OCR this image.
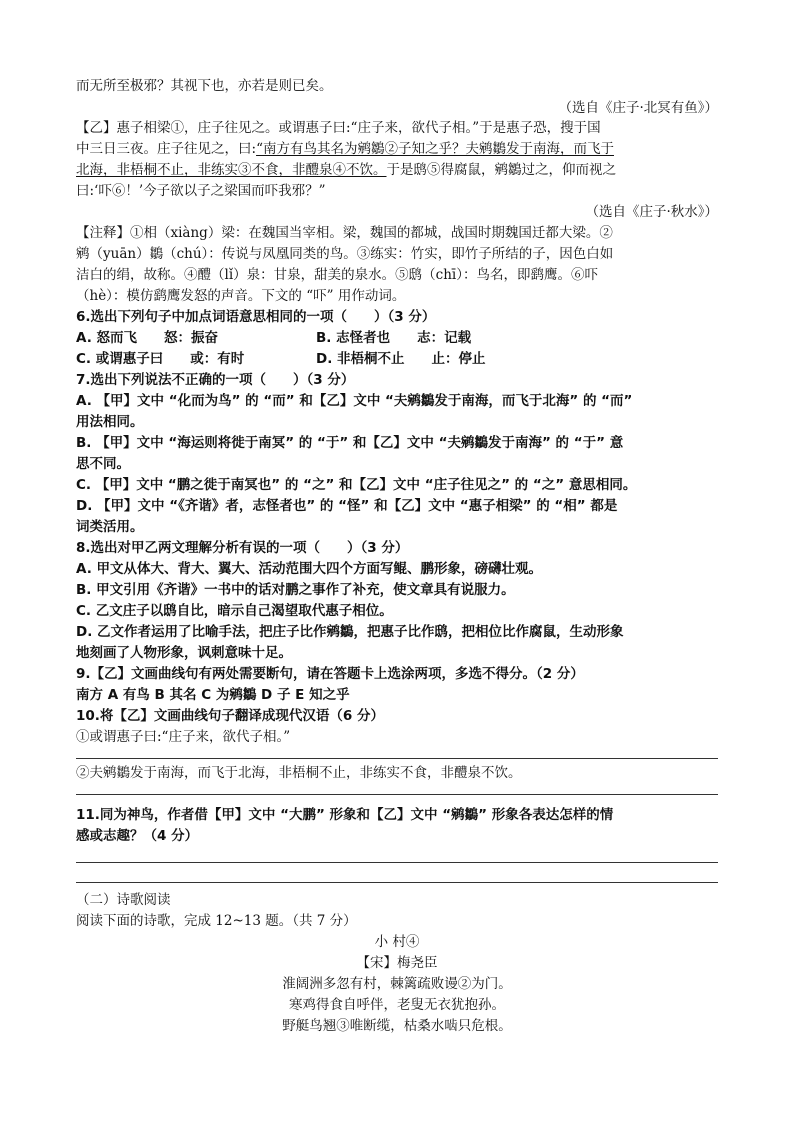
而无所至极邪？其视下也，亦若是则已矣。
（选自《庄子·北冥有鱼》）
【乙】惠子相梁①，庄子往见之。或谓惠子曰:“庄子来，欲代子相。”于是惠子恐，搜于国
中三日三夜。庄子往见之，曰:“南方有鸟其名为鹓鶵②子知之乎？夫鹓鶵发于南海，而飞于
北海，非梧桐不止，非练实③不食，非醴泉④不饮。于是鸱⑤得腐鼠，鹓鶵过之，仰而视之
曰:‘吓⑥！’今子欲以子之梁国而吓我邪？”
（选自《庄子·秋水》）
【注释】①相（xiàng）梁：在魏国当宰相。梁，魏国的都城，战国时期魏国迁都大梁。②
鹓（yuān）鶵（chú）：传说与凤凰同类的鸟。③练实：竹实，即竹子所结的子，因色白如
洁白的绢，故称。④醴（lǐ）泉：甘泉，甜美的泉水。⑤鸱（chī）：鸟名，即鹞鹰。⑥吓
（hè）：模仿鹞鹰发怒的声音。下文的 “吓” 用作动词。
6.选出下列句子中加点词语意思相同的一项（　　）（3 分）
A. 怒而飞　　怒：振奋	B. 志怪者也　　志：记载
C. 或谓惠子曰　　或：有时	D. 非梧桐不止　　止：停止
7.选出下列说法不正确的一项（　　）（3 分）
A. 【甲】文中 “化而为鸟” 的 “而” 和【乙】文中 “夫鹓鶵发于南海，而飞于北海” 的 “而”
用法相同。
B. 【甲】文中 “海运则将徙于南冥” 的 “于” 和【乙】文中 “夫鹓鶵发于南海” 的 “于” 意
思不同。
C. 【甲】文中 “鹏之徙于南冥也” 的 “之” 和【乙】文中 “庄子往见之” 的 “之” 意思相同。
D. 【甲】文中 “《齐谐》者，志怪者也” 的 “怪” 和【乙】文中 “惠子相梁” 的 “相” 都是
词类活用。
8.选出对甲乙两文理解分析有误的一项（　　）（3 分）
A. 甲文从体大、背大、翼大、活动范围大四个方面写鲲、鹏形象，磅礴壮观。
B. 甲文引用《齐谐》一书中的话对鹏之事作了补充，使文章具有说服力。
C. 乙文庄子以鸱自比，暗示自己渴望取代惠子相位。
D. 乙文作者运用了比喻手法，把庄子比作鹓鶵，把惠子比作鸱，把相位比作腐鼠，生动形象
地刻画了人物形象，讽刺意味十足。
9.【乙】文画曲线句有两处需要断句，请在答题卡上选涂两项，多选不得分。（2 分）
南方 A 有鸟 B 其名 C 为鹓鶵 D 子 E 知之乎
10.将【乙】文画曲线句子翻译成现代汉语（6 分）
①或谓惠子曰:“庄子来，欲代子相。”
②夫鹓鶵发于南海，而飞于北海，非梧桐不止，非练实不食，非醴泉不饮。
11.同为神鸟，作者借【甲】文中 “大鹏” 形象和【乙】文中 “鹓鶵” 形象各表达怎样的情
感或志趣？（4 分）
（二）诗歌阅读
阅读下面的诗歌，完成 12~13 题。（共 7 分）
小 村④
【宋】梅尧臣
淮阔洲多忽有村，棘篱疏败谩②为门。
寒鸡得食自呼伴，老叟无衣犹抱孙。
野艇鸟翘③唯断缆，枯桑水啮只危根。
